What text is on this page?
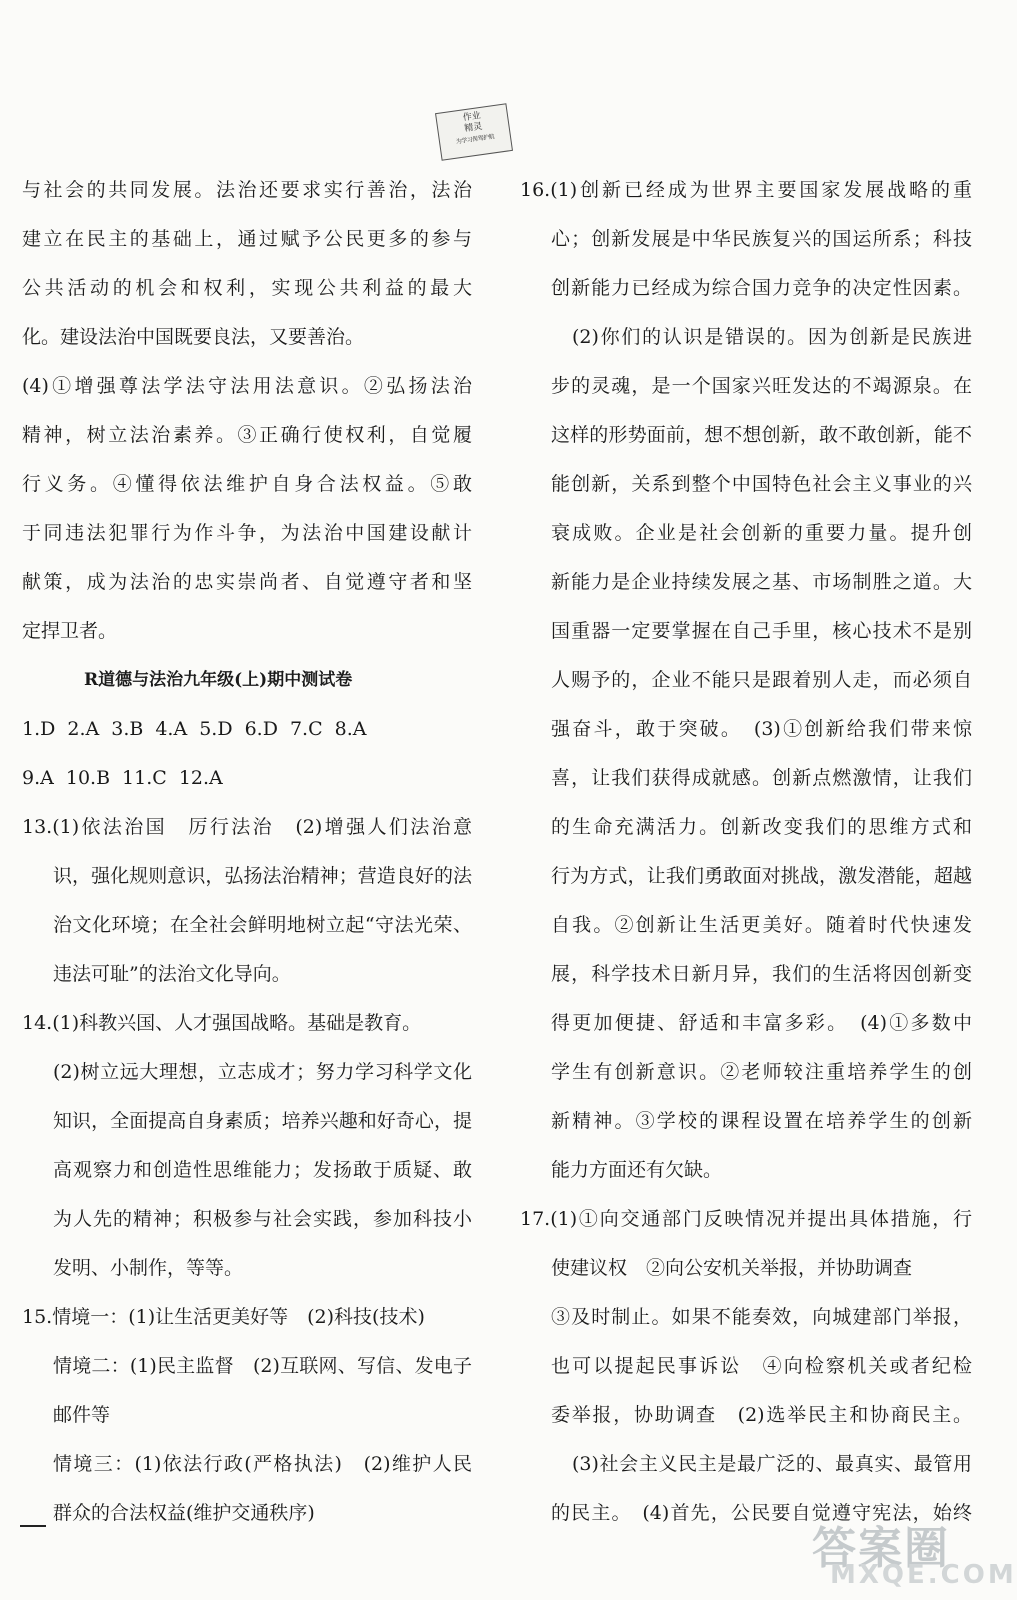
作业
精灵
为学习保驾护航
与社会的共同发展。法治还要求实行善治，法治
建立在民主的基础上，通过赋予公民更多的参与
公共活动的机会和权利，实现公共利益的最大
化。建设法治中国既要良法，又要善治。
(4)①增强尊法学法守法用法意识。②弘扬法治
精神，树立法治素养。③正确行使权利，自觉履
行义务。④懂得依法维护自身合法权益。⑤敢
于同违法犯罪行为作斗争，为法治中国建设献计
献策，成为法治的忠实崇尚者、自觉遵守者和坚
定捍卫者。
R道德与法治九年级(上)期中测试卷
1.D 2.A 3.B 4.A 5.D 6.D 7.C 8.A
9.A 10.B 11.C 12.A
13.(1)依法治国　厉行法治　(2)增强人们法治意
识，强化规则意识，弘扬法治精神；营造良好的法
治文化环境；在全社会鲜明地树立起“守法光荣、
违法可耻”的法治文化导向。
14.(1)科教兴国、人才强国战略。基础是教育。
(2)树立远大理想，立志成才；努力学习科学文化
知识，全面提高自身素质；培养兴趣和好奇心，提
高观察力和创造性思维能力；发扬敢于质疑、敢
为人先的精神；积极参与社会实践，参加科技小
发明、小制作，等等。
15.情境一：(1)让生活更美好等　(2)科技(技术)
情境二：(1)民主监督　(2)互联网、写信、发电子
邮件等
情境三：(1)依法行政(严格执法)　(2)维护人民
群众的合法权益(维护交通秩序)
16.(1)创新已经成为世界主要国家发展战略的重
心；创新发展是中华民族复兴的国运所系；科技
创新能力已经成为综合国力竞争的决定性因素。
(2)你们的认识是错误的。因为创新是民族进
步的灵魂，是一个国家兴旺发达的不竭源泉。在
这样的形势面前，想不想创新，敢不敢创新，能不
能创新，关系到整个中国特色社会主义事业的兴
衰成败。企业是社会创新的重要力量。提升创
新能力是企业持续发展之基、市场制胜之道。大
国重器一定要掌握在自己手里，核心技术不是别
人赐予的，企业不能只是跟着别人走，而必须自
强奋斗，敢于突破。　(3)①创新给我们带来惊
喜，让我们获得成就感。创新点燃激情，让我们
的生命充满活力。创新改变我们的思维方式和
行为方式，让我们勇敢面对挑战，激发潜能，超越
自我。②创新让生活更美好。随着时代快速发
展，科学技术日新月异，我们的生活将因创新变
得更加便捷、舒适和丰富多彩。　(4)①多数中
学生有创新意识。②老师较注重培养学生的创
新精神。③学校的课程设置在培养学生的创新
能力方面还有欠缺。
17.(1)①向交通部门反映情况并提出具体措施，行
使建议权　②向公安机关举报，并协助调查
③及时制止。如果不能奏效，向城建部门举报，
也可以提起民事诉讼　④向检察机关或者纪检
委举报，协助调查　(2)选举民主和协商民主。
(3)社会主义民主是最广泛的、最真实、最管用
的民主。　(4)首先，公民要自觉遵守宪法，始终
答案圈
MXQE.COM
